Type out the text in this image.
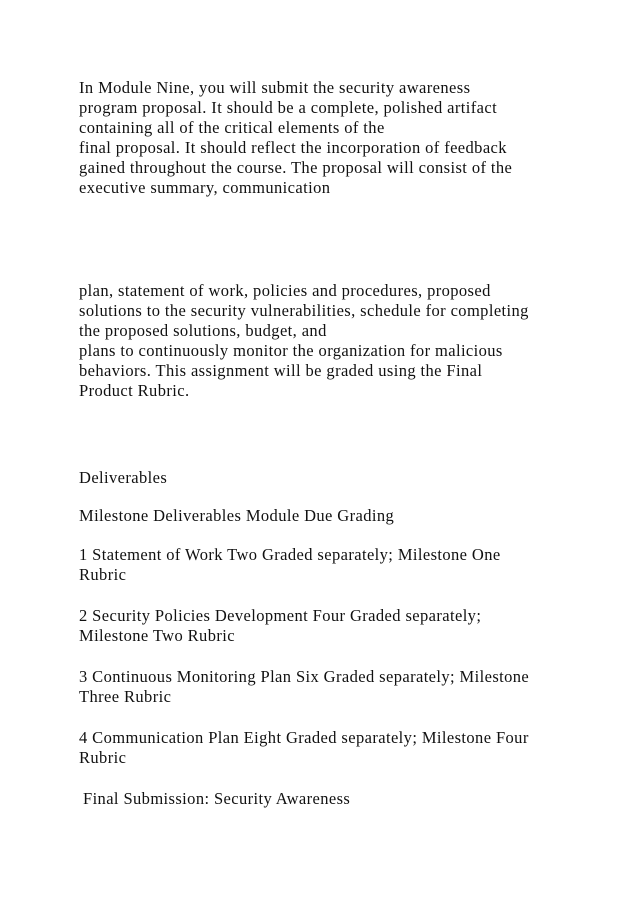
In Module Nine, you will submit the security awareness
program proposal. It should be a complete, polished artifact
containing all of the critical elements of the
final proposal. It should reflect the incorporation of feedback
gained throughout the course. The proposal will consist of the
executive summary, communication
plan, statement of work, policies and procedures, proposed
solutions to the security vulnerabilities, schedule for completing
the proposed solutions, budget, and
plans to continuously monitor the organization for malicious
behaviors. This assignment will be graded using the Final
Product Rubric.
Deliverables
Milestone Deliverables Module Due Grading
1 Statement of Work Two Graded separately; Milestone One
Rubric
2 Security Policies Development Four Graded separately;
Milestone Two Rubric
3 Continuous Monitoring Plan Six Graded separately; Milestone
Three Rubric
4 Communication Plan Eight Graded separately; Milestone Four
Rubric
Final Submission: Security Awareness
